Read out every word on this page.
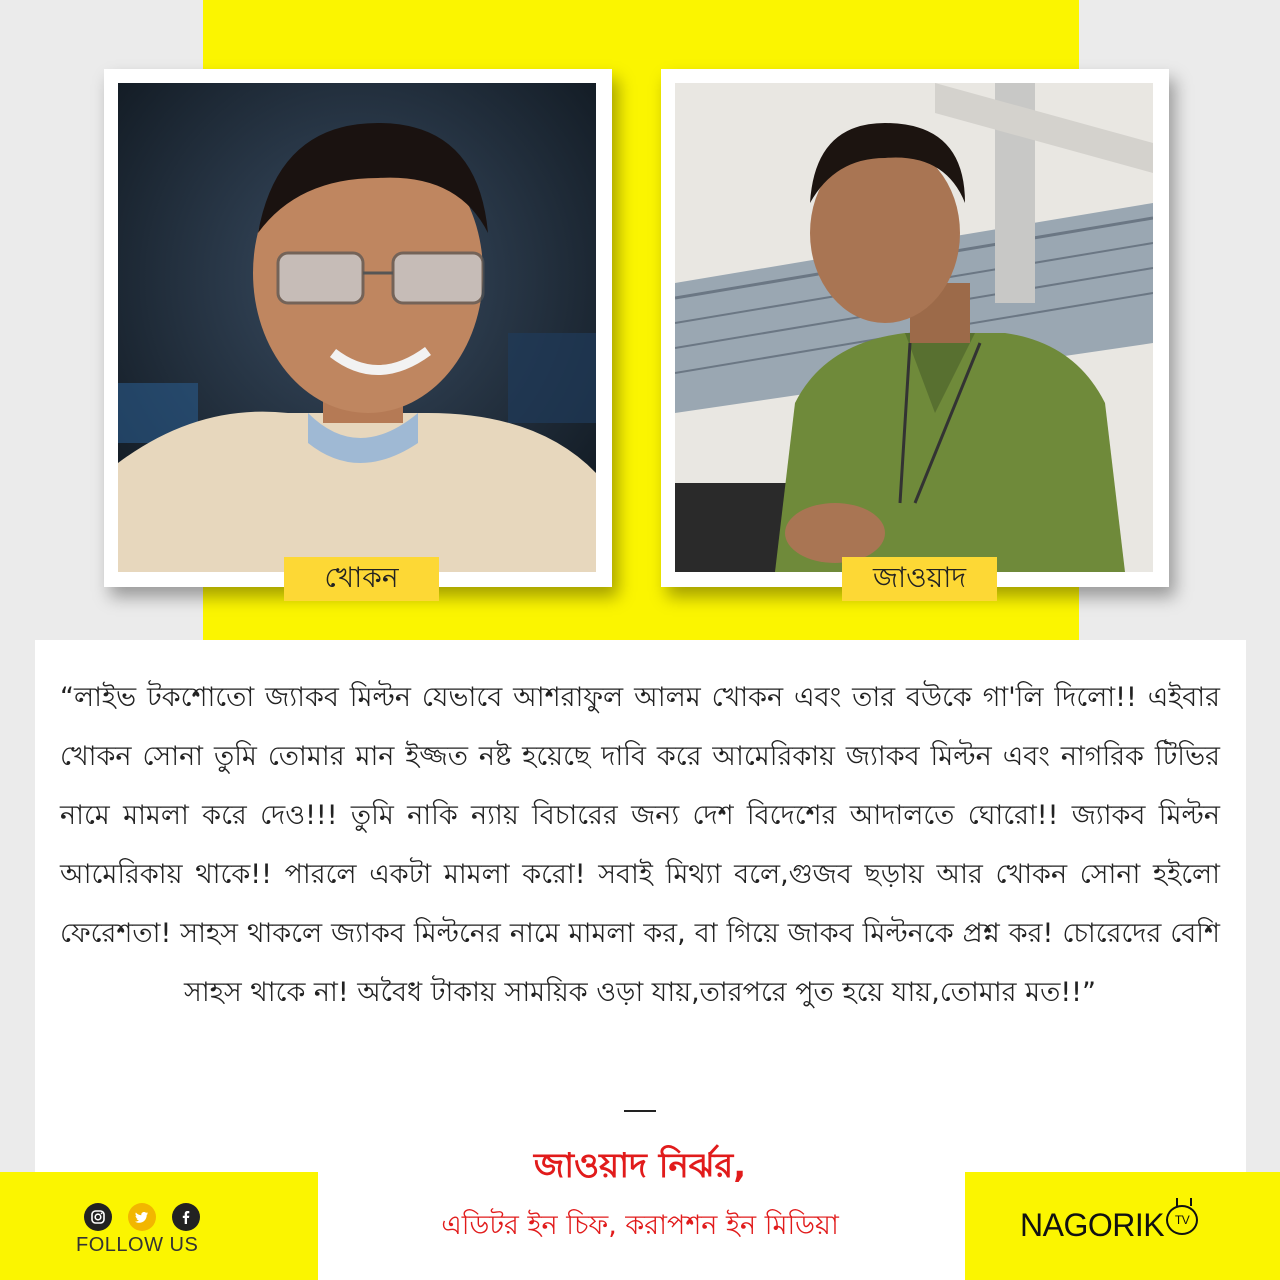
খোকন	জাওয়াদ

“লাইভ টকশোতো জ্যাকব মিল্টন যেভাবে আশরাফুল আলম খোকন এবং তার বউকে গা'লি দিলো!! এইবার খোকন সোনা তুমি তোমার মান ইজ্জত নষ্ট হয়েছে দাবি করে আমেরিকায় জ্যাকব মিল্টন এবং নাগরিক টিভির নামে মামলা করে দেও!!! তুমি নাকি ন্যায় বিচারের জন্য দেশ বিদেশের আদালতে ঘোরো!! জ্যাকব মিল্টন আমেরিকায় থাকে!! পারলে একটা মামলা করো! সবাই মিথ্যা বলে,গুজব ছড়ায় আর খোকন সোনা হইলো ফেরেশতা! সাহস থাকলে জ্যাকব মিল্টনের নামে মামলা কর, বা গিয়ে জাকব মিল্টনকে প্রশ্ন কর! চোরেদের বেশি সাহস থাকে না! অবৈধ টাকায় সাময়িক ওড়া যায়,তারপরে পুত হয়ে যায়,তোমার মত!!”

জাওয়াদ নির্ঝর,
এডিটর ইন চিফ, করাপশন ইন মিডিয়া
FOLLOW US
NAGORIK TV
